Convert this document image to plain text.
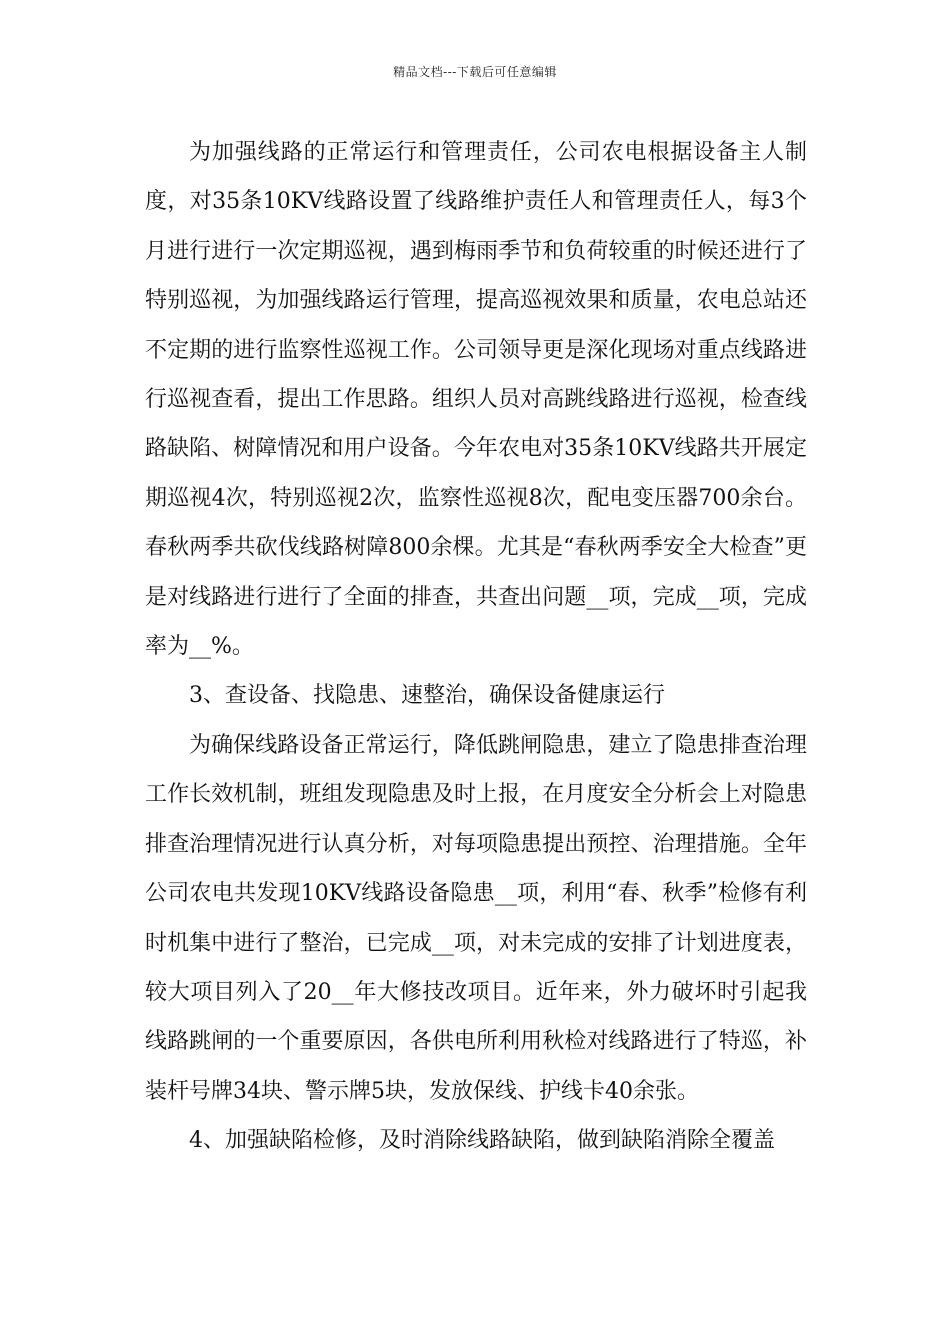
精品文档---下载后可任意编辑

为加强线路的正常运行和管理责任，公司农电根据设备主人制度，对35条10KV线路设置了线路维护责任人和管理责任人，每3个月进行进行一次定期巡视，遇到梅雨季节和负荷较重的时候还进行了特别巡视，为加强线路运行管理，提高巡视效果和质量，农电总站还不定期的进行监察性巡视工作。公司领导更是深化现场对重点线路进行巡视查看，提出工作思路。组织人员对高跳线路进行巡视，检查线路缺陷、树障情况和用户设备。今年农电对35条10KV线路共开展定期巡视4次，特别巡视2次，监察性巡视8次，配电变压器700余台。春秋两季共砍伐线路树障800余棵。尤其是“春秋两季安全大检查”更是对线路进行进行了全面的排查，共查出问题__项，完成__项，完成率为__%。

3、查设备、找隐患、速整治，确保设备健康运行

为确保线路设备正常运行，降低跳闸隐患，建立了隐患排查治理工作长效机制，班组发现隐患及时上报，在月度安全分析会上对隐患排查治理情况进行认真分析，对每项隐患提出预控、治理措施。全年公司农电共发现10KV线路设备隐患__项，利用“春、秋季”检修有利时机集中进行了整治，已完成__项，对未完成的安排了计划进度表，较大项目列入了20__年大修技改项目。近年来，外力破坏时引起我线路跳闸的一个重要原因，各供电所利用秋检对线路进行了特巡，补装杆号牌34块、警示牌5块，发放保线、护线卡40余张。

4、加强缺陷检修，及时消除线路缺陷，做到缺陷消除全覆盖
